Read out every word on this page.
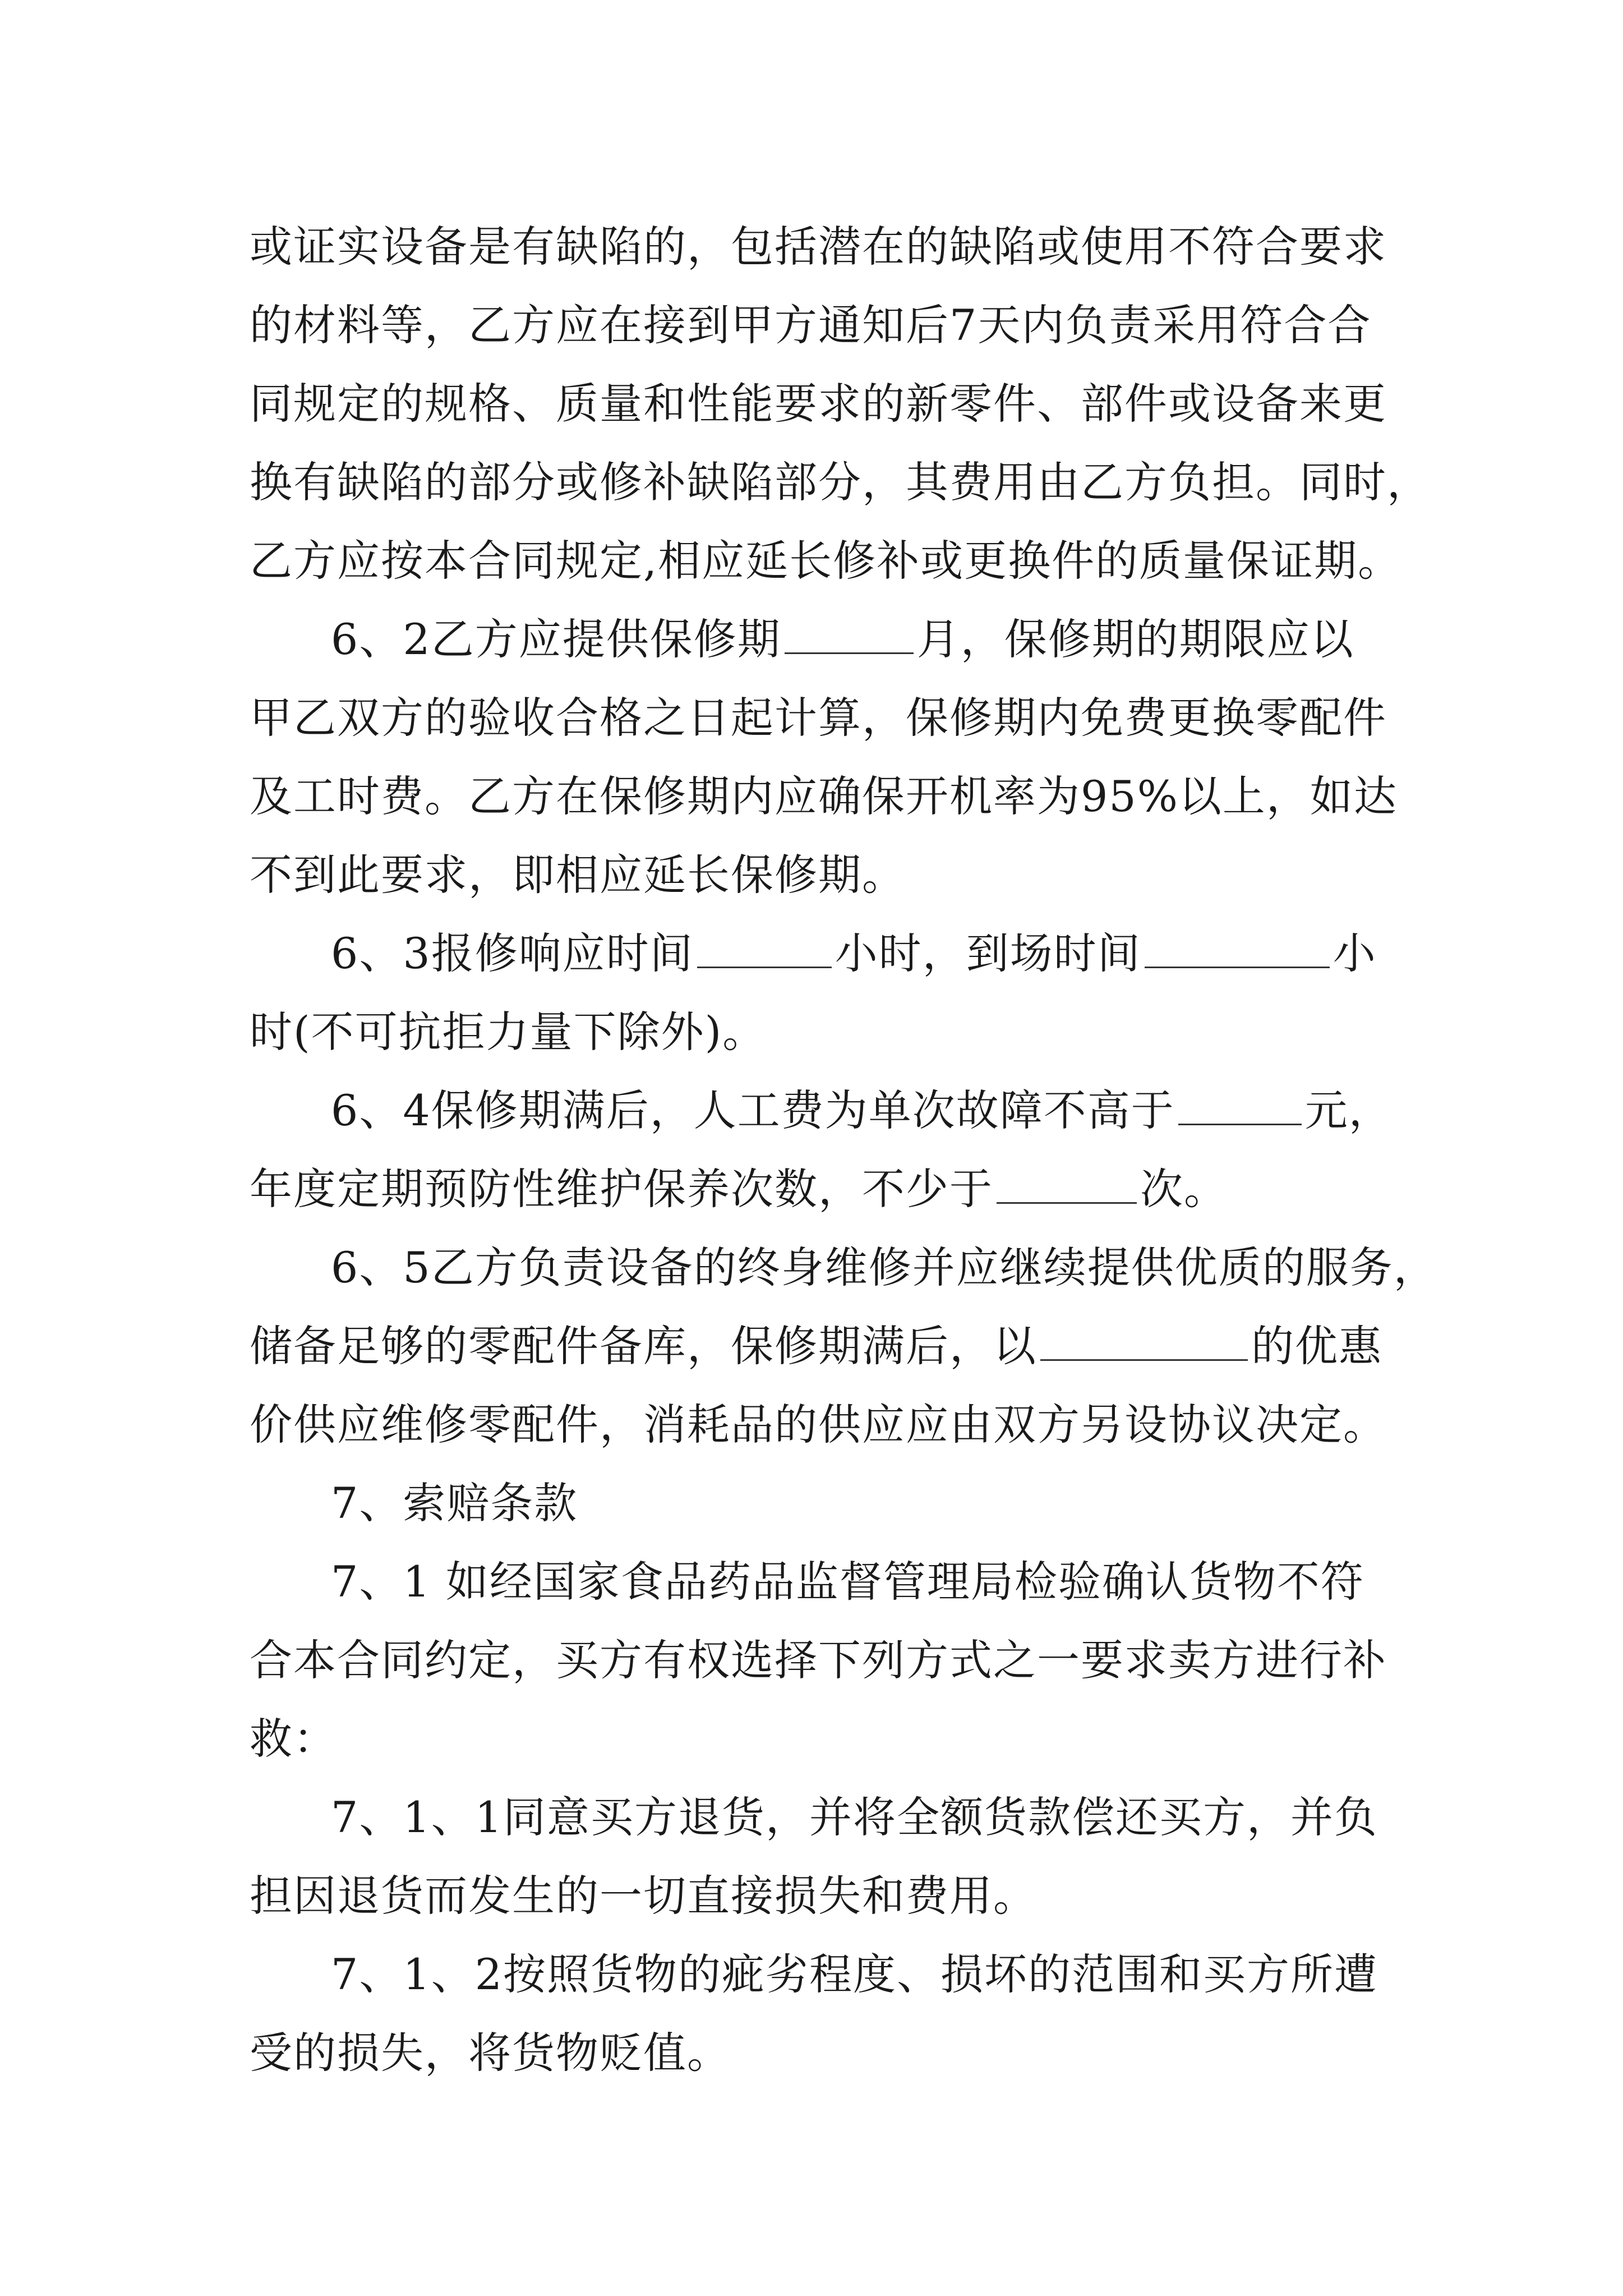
或证实设备是有缺陷的，包括潜在的缺陷或使用不符合要求
的材料等，乙方应在接到甲方通知后7天内负责采用符合合
同规定的规格、质量和性能要求的新零件、部件或设备来更
换有缺陷的部分或修补缺陷部分，其费用由乙方负担。同时，
乙方应按本合同规定,相应延长修补或更换件的质量保证期。
6、2乙方应提供保修期	月，保修期的期限应以
甲乙双方的验收合格之日起计算，保修期内免费更换零配件
及工时费。乙方在保修期内应确保开机率为95%以上，如达
不到此要求，即相应延长保修期。
6、3报修响应时间	小时，到场时间	小
时(不可抗拒力量下除外)。
6、4保修期满后，人工费为单次故障不高于	元，
年度定期预防性维护保养次数，不少于	次。
6、5乙方负责设备的终身维修并应继续提供优质的服务，
储备足够的零配件备库，保修期满后，以	的优惠
价供应维修零配件，消耗品的供应应由双方另设协议决定。
7、索赔条款
7、1 如经国家食品药品监督管理局检验确认货物不符
合本合同约定，买方有权选择下列方式之一要求卖方进行补
救：
7、1、1同意买方退货，并将全额货款偿还买方，并负
担因退货而发生的一切直接损失和费用。
7、1、2按照货物的疵劣程度、损坏的范围和买方所遭
受的损失，将货物贬值。
